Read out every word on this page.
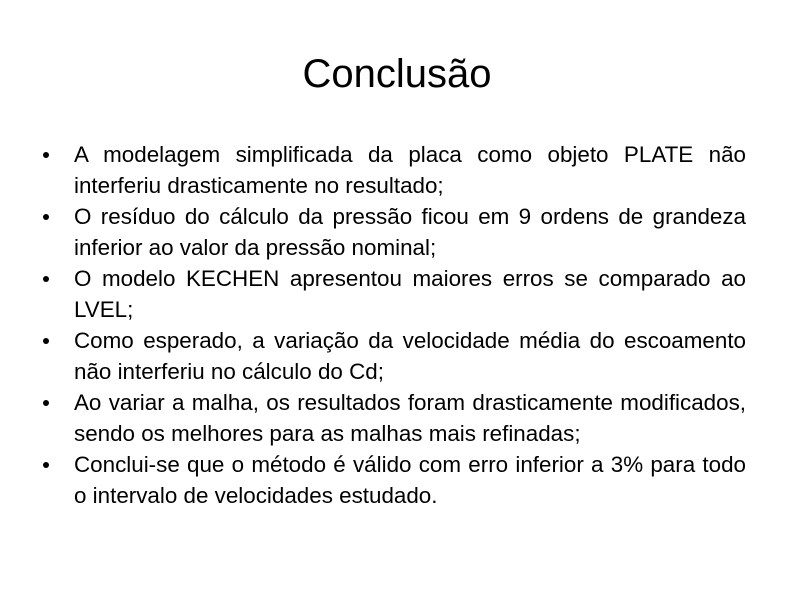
Conclusão
A modelagem simplificada da placa como objeto PLATE não interferiu drasticamente no resultado;
O resíduo do cálculo da pressão ficou em 9 ordens de grandeza inferior ao valor da pressão nominal;
O modelo KECHEN apresentou maiores erros se comparado ao LVEL;
Como esperado, a variação da velocidade média do escoamento não interferiu no cálculo do Cd;
Ao variar a malha, os resultados foram drasticamente modificados, sendo os melhores para as malhas mais refinadas;
Conclui-se que o método é válido com erro inferior a 3% para todo o intervalo de velocidades estudado.
